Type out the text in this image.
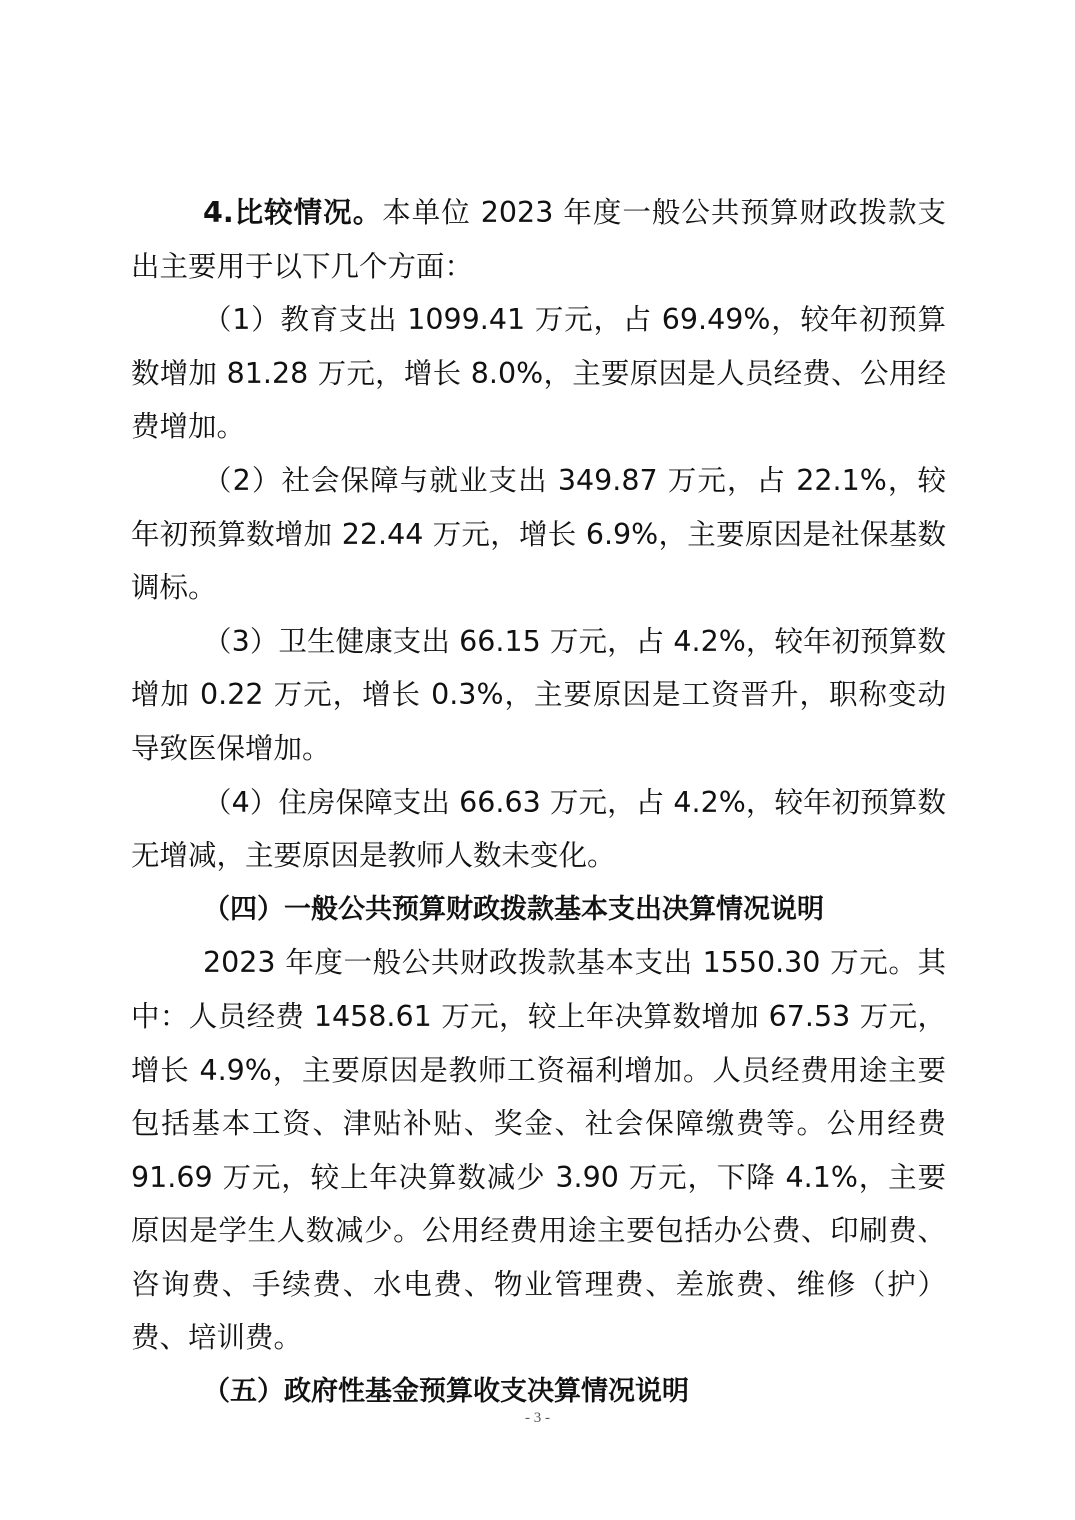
4.比较情况。本单位 2023 年度一般公共预算财政拨款支出主要用于以下几个方面：

（1）教育支出 1099.41 万元，占 69.49%，较年初预算数增加 81.28 万元，增长 8.0%，主要原因是人员经费、公用经费增加。

（2）社会保障与就业支出 349.87 万元，占 22.1%，较年初预算数增加 22.44 万元，增长 6.9%，主要原因是社保基数调标。

（3）卫生健康支出 66.15 万元，占 4.2%，较年初预算数增加 0.22 万元，增长 0.3%，主要原因是工资晋升，职称变动导致医保增加。

（4）住房保障支出 66.63 万元，占 4.2%，较年初预算数无增减，主要原因是教师人数未变化。

（四）一般公共预算财政拨款基本支出决算情况说明

2023 年度一般公共财政拨款基本支出 1550.30 万元。其中：人员经费 1458.61 万元，较上年决算数增加 67.53 万元，增长 4.9%，主要原因是教师工资福利增加。人员经费用途主要包括基本工资、津贴补贴、奖金、社会保障缴费等。公用经费 91.69 万元，较上年决算数减少 3.90 万元，下降 4.1%，主要原因是学生人数减少。公用经费用途主要包括办公费、印刷费、咨询费、手续费、水电费、物业管理费、差旅费、维修（护）费、培训费。

（五）政府性基金预算收支决算情况说明

- 3 -
